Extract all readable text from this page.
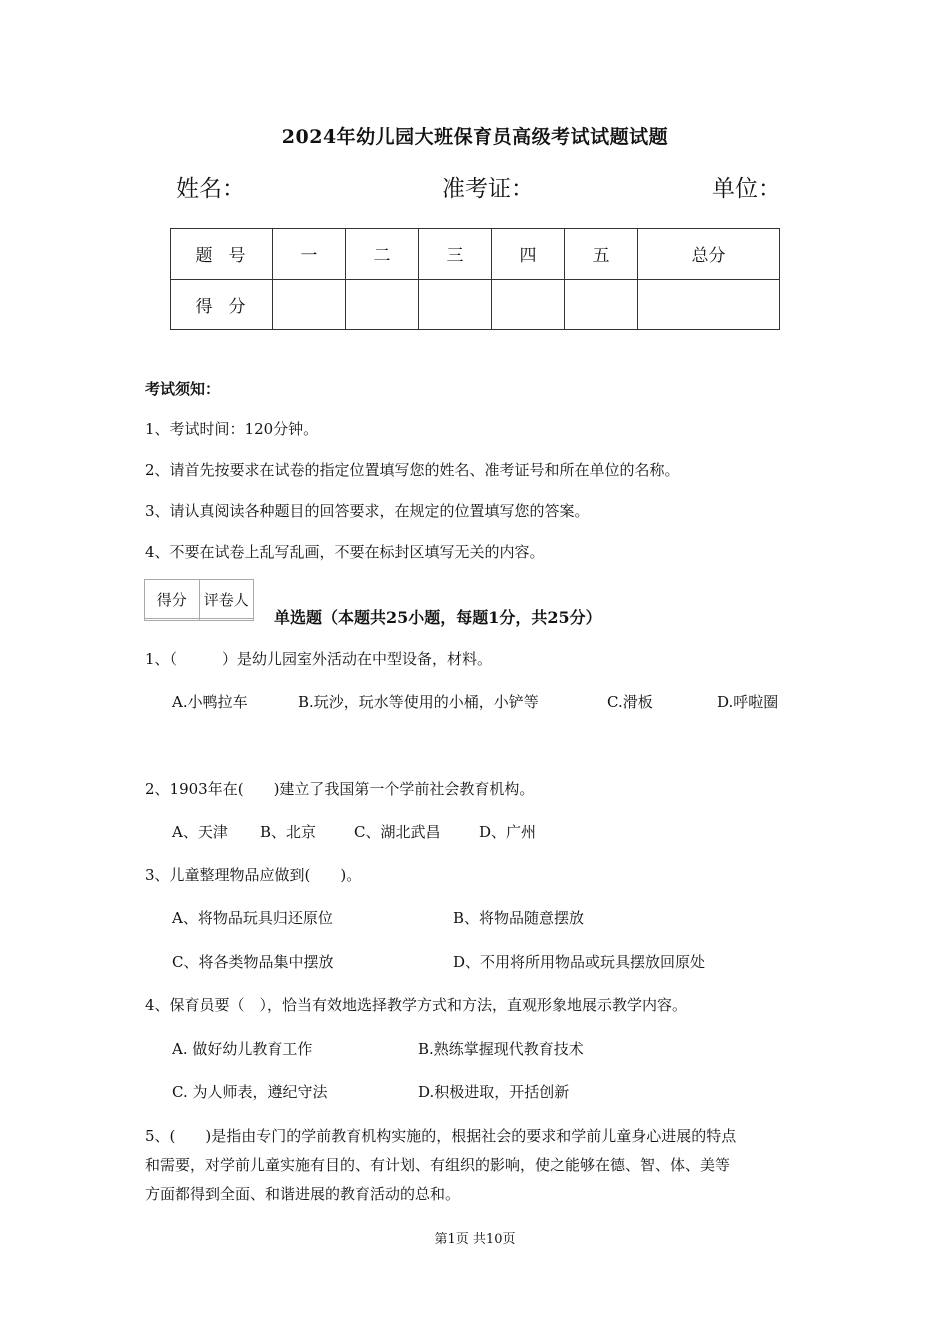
2024年幼儿园大班保育员高级考试试题试题
姓名：	准考证：	单位：
题号	一	二	三	四	五	总分
得分						
考试须知：
1、考试时间：120分钟。
2、请首先按要求在试卷的指定位置填写您的姓名、准考证号和所在单位的名称。
3、请认真阅读各种题目的回答要求，在规定的位置填写您的答案。
4、不要在试卷上乱写乱画，不要在标封区填写无关的内容。
得分	评卷人

单选题（本题共25小题，每题1分，共25分）
1、（　　　）是幼儿园室外活动在中型设备，材料。
A.小鸭拉车	B.玩沙，玩水等使用的小桶，小铲等	C.滑板	D.呼啦圈
2、1903年在(　　)建立了我国第一个学前社会教育机构。
A、天津 B、北京	C、湖北武昌	D、广州
3、儿童整理物品应做到(　　)。
A、将物品玩具归还原位	B、将物品随意摆放
C、将各类物品集中摆放	D、不用将所用物品或玩具摆放回原处
4、保育员要（　），恰当有效地选择教学方式和方法，直观形象地展示教学内容。
A. 做好幼儿教育工作	B.熟练掌握现代教育技术
C. 为人师表，遵纪守法	D.积极进取，开括创新
5、(　　)是指由专门的学前教育机构实施的，根据社会的要求和学前儿童身心进展的特点
和需要，对学前儿童实施有目的、有计划、有组织的影响，使之能够在德、智、体、美等
方面都得到全面、和谐进展的教育活动的总和。
第1页 共10页
